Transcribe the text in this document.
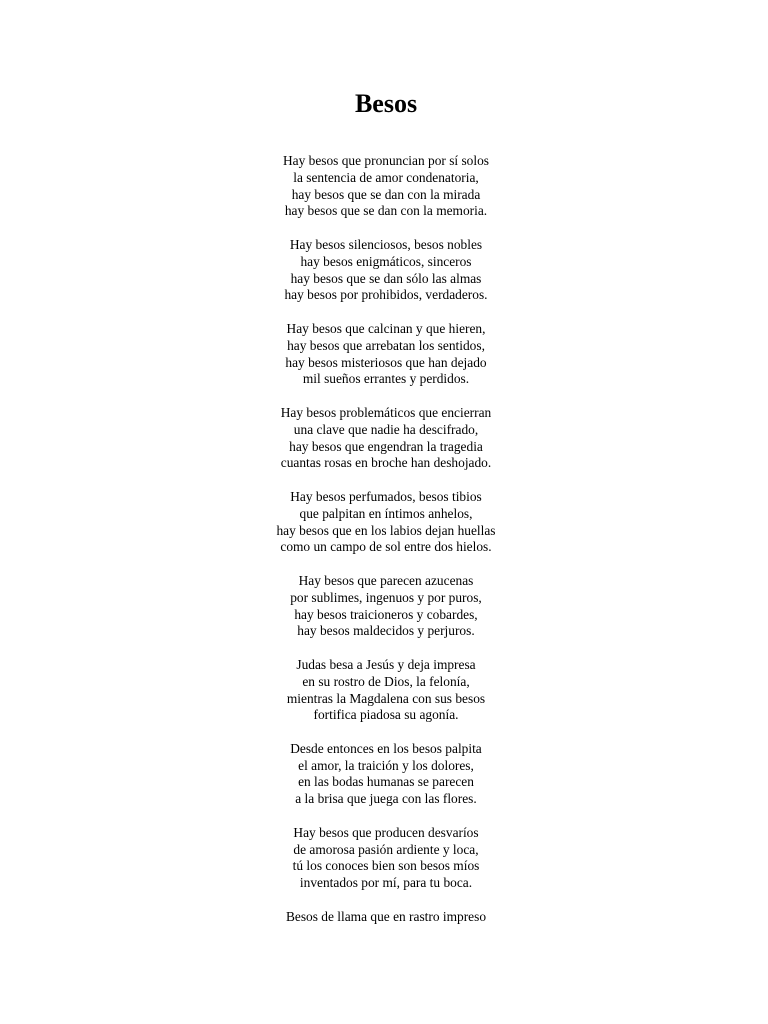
Besos
Hay besos que pronuncian por sí solos
la sentencia de amor condenatoria,
hay besos que se dan con la mirada
hay besos que se dan con la memoria.
Hay besos silenciosos, besos nobles
hay besos enigmáticos, sinceros
hay besos que se dan sólo las almas
hay besos por prohibidos, verdaderos.
Hay besos que calcinan y que hieren,
hay besos que arrebatan los sentidos,
hay besos misteriosos que han dejado
mil sueños errantes y perdidos.
Hay besos problemáticos que encierran
una clave que nadie ha descifrado,
hay besos que engendran la tragedia
cuantas rosas en broche han deshojado.
Hay besos perfumados, besos tibios
que palpitan en íntimos anhelos,
hay besos que en los labios dejan huellas
como un campo de sol entre dos hielos.
Hay besos que parecen azucenas
por sublimes, ingenuos y por puros,
hay besos traicioneros y cobardes,
hay besos maldecidos y perjuros.
Judas besa a Jesús y deja impresa
en su rostro de Dios, la felonía,
mientras la Magdalena con sus besos
fortifica piadosa su agonía.
Desde entonces en los besos palpita
el amor, la traición y los dolores,
en las bodas humanas se parecen
a la brisa que juega con las flores.
Hay besos que producen desvaríos
de amorosa pasión ardiente y loca,
tú los conoces bien son besos míos
inventados por mí, para tu boca.
Besos de llama que en rastro impreso
